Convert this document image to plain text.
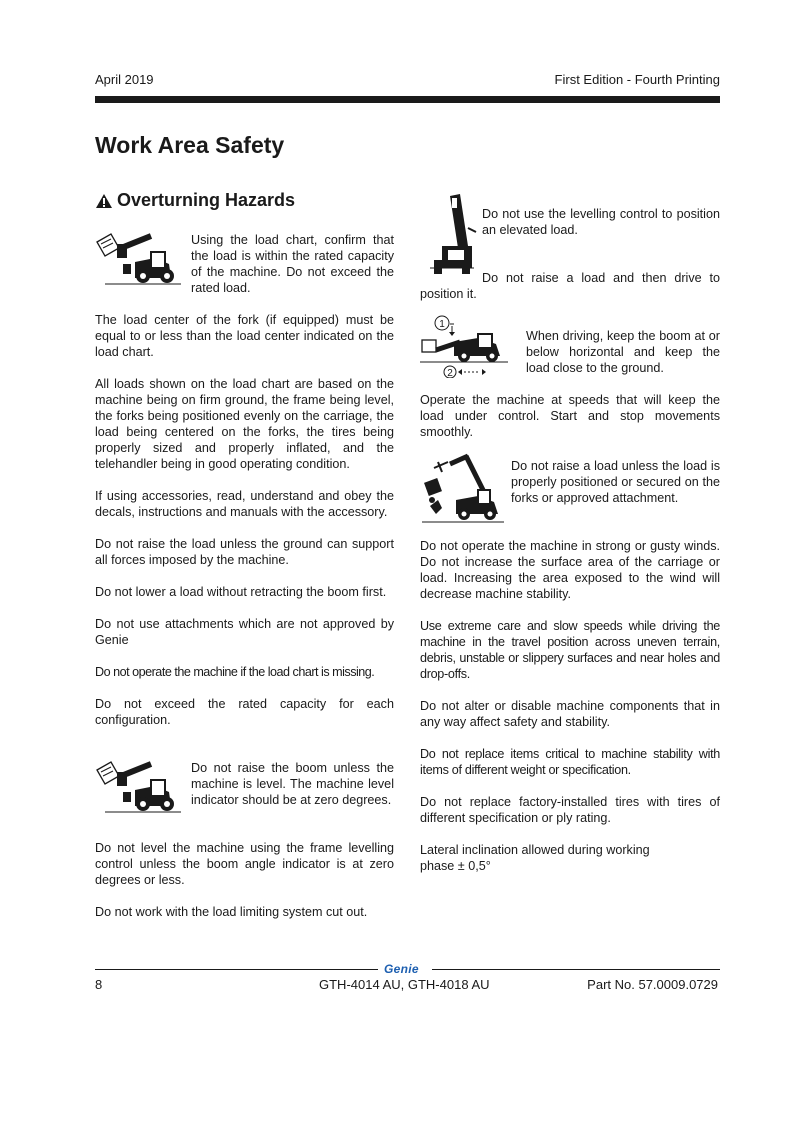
April 2019	First Edition - Fourth Printing
Work Area Safety
Overturning Hazards
Using the load chart, confirm that the load is within the rated capacity of the machine. Do not exceed the rated load.
The load center of the fork (if equipped) must be equal to or less than the load center indicated on the load chart.
All loads shown on the load chart are based on the machine being on firm ground, the frame being level, the forks being positioned evenly on the carriage, the load being centered on the forks, the tires being properly sized and properly inflated, and the telehandler being in good operating condition.
If using accessories, read, understand and obey the decals, instructions and manuals with the accessory.
Do not raise the load unless the ground can support all forces imposed by the machine.
Do not lower a load without retracting the boom first.
Do not use attachments which are not approved by Genie
Do not operate the machine if the load chart is missing.
Do not exceed the rated capacity for each configuration.
Do not raise the boom unless the machine is level. The machine level indicator should be at zero degrees.
Do not level the machine using the frame levelling control unless the boom angle indicator is at zero degrees or less.
Do not work with the load limiting system cut out.
Do not use the levelling control to position an elevated load.
Do not raise a load and then drive to position it.
1
2
When driving, keep the boom at or below horizontal and keep the load close to the ground.
Operate the machine at speeds that will keep the load under control. Start and stop movements smoothly.
Do not raise a load unless the load is properly positioned or secured on the forks or approved attachment.
Do not operate the machine in strong or gusty winds. Do not increase the surface area of the carriage or load. Increasing the area exposed to the wind will decrease machine stability.
Use extreme care and slow speeds while driving the machine in the travel position across uneven terrain, debris, unstable or slippery surfaces and near holes and drop-offs.
Do not alter or disable machine components that in any way affect safety and stability.
Do not replace items critical to machine stability with items of different weight or specification.
Do not replace factory-installed tires with tires of different specification or ply rating.
Lateral inclination allowed during working phase ± 0,5°
Genie
8	GTH-4014 AU, GTH-4018 AU	Part No. 57.0009.0729
